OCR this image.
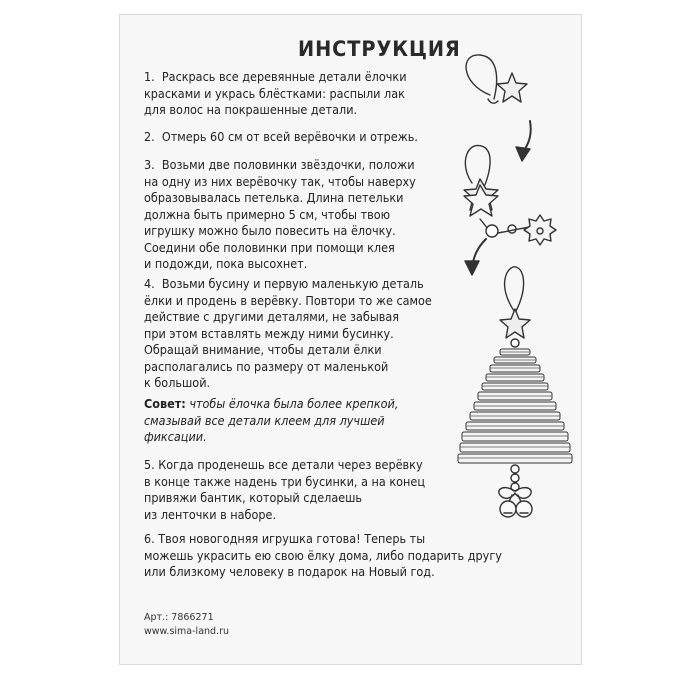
ИНСТРУКЦИЯ
1.  Раскрась все деревянные детали ёлочки
красками и укрась блёстками: распыли лак
для волос на покрашенные детали.
2.  Отмерь 60 см от всей верёвочки и отрежь.
3.  Возьми две половинки звёздочки, положи
на одну из них верёвочку так, чтобы наверху
образовывалась петелька. Длина петельки
должна быть примерно 5 см, чтобы твою
игрушку можно было повесить на ёлочку.
Соедини обе половинки при помощи клея
и подожди, пока высохнет.
4.  Возьми бусину и первую маленькую деталь
ёлки и продень в верёвку. Повтори то же самое
действие с другими деталями, не забывая
при этом вставлять между ними бусинку.
Обращай внимание, чтобы детали ёлки
располагались по размеру от маленькой
к большой.
Совет: чтобы ёлочка была более крепкой,
смазывай все детали клеем для лучшей
фиксации.
5. Когда проденешь все детали через верёвку
в конце также надень три бусинки, а на конец
привяжи бантик, который сделаешь
из ленточки в наборе.
6. Твоя новогодняя игрушка готова! Теперь ты
можешь украсить ею свою ёлку дома, либо подарить другу
или близкому человеку в подарок на Новый год.
Арт.: 7866271
www.sima-land.ru
